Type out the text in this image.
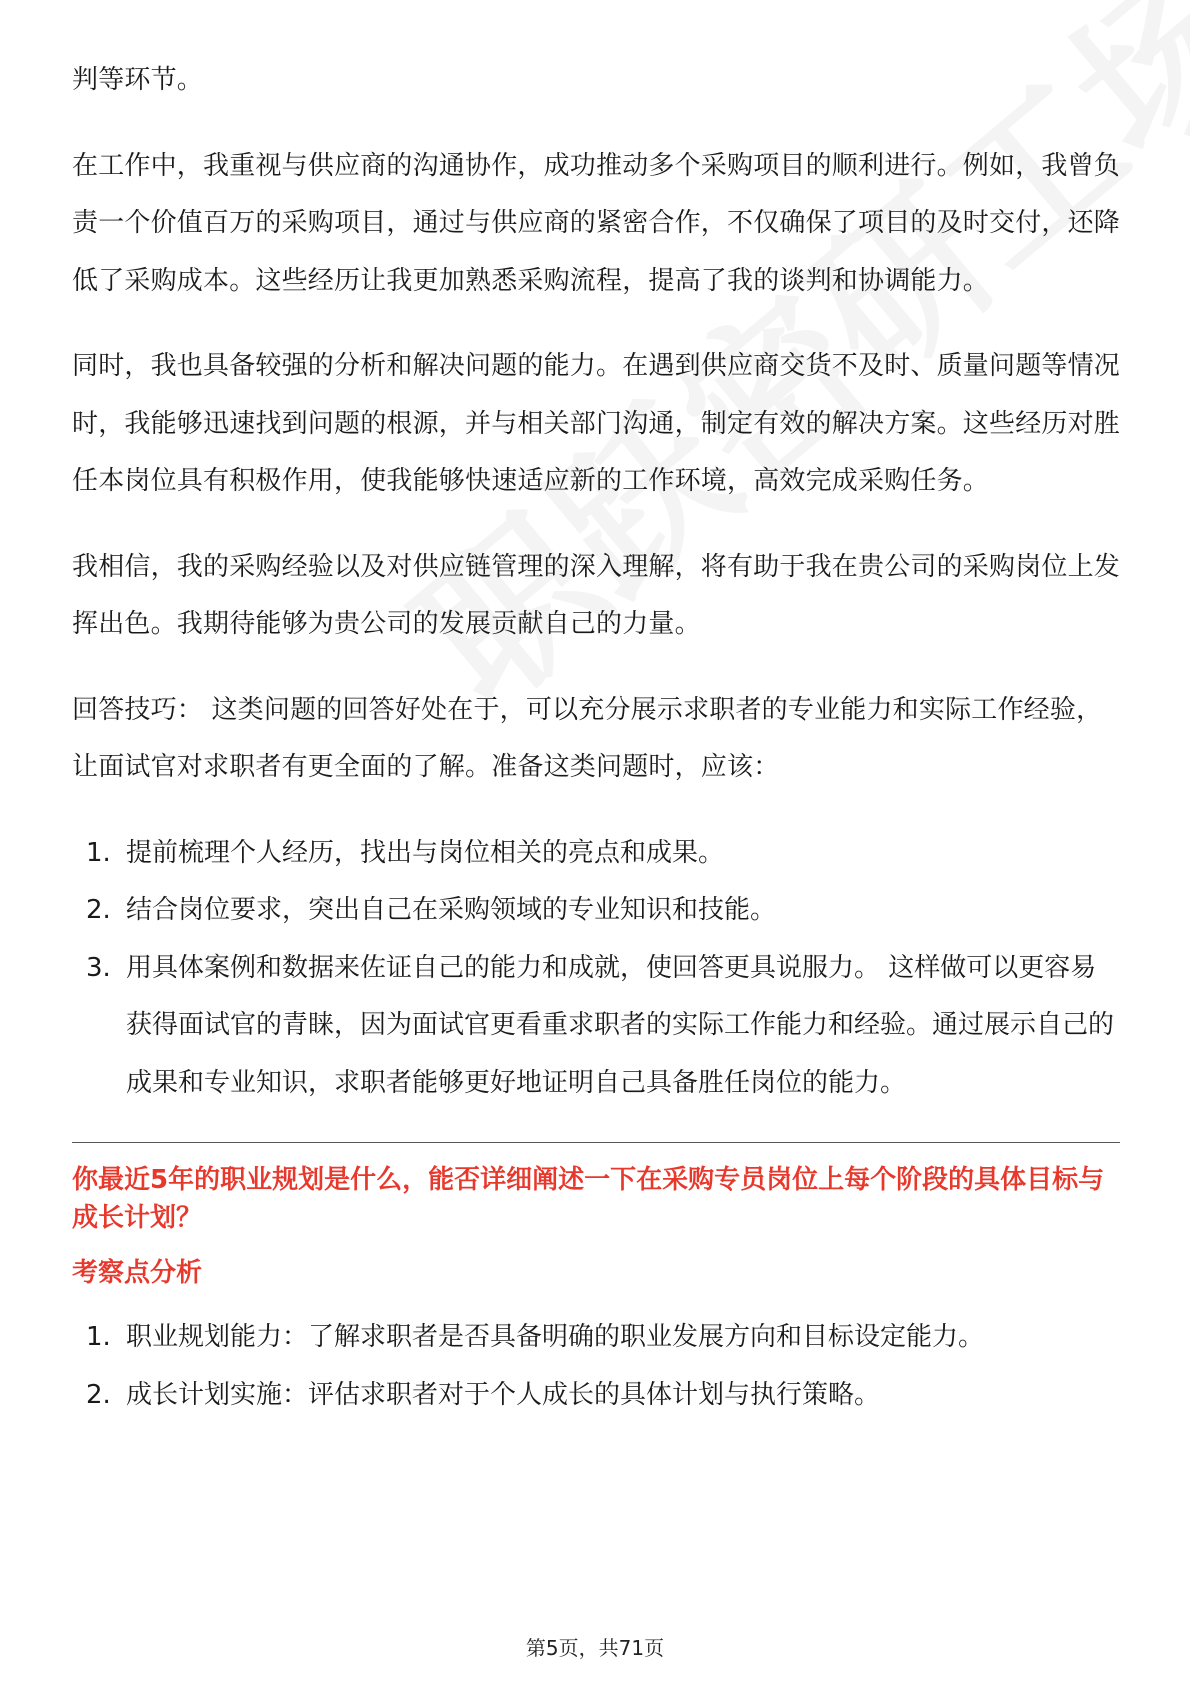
判等环节。

在工作中，我重视与供应商的沟通协作，成功推动多个采购项目的顺利进行。例如，我曾负责一个价值百万的采购项目，通过与供应商的紧密合作，不仅确保了项目的及时交付，还降低了采购成本。这些经历让我更加熟悉采购流程，提高了我的谈判和协调能力。

同时，我也具备较强的分析和解决问题的能力。在遇到供应商交货不及时、质量问题等情况时，我能够迅速找到问题的根源，并与相关部门沟通，制定有效的解决方案。这些经历对胜任本岗位具有积极作用，使我能够快速适应新的工作环境，高效完成采购任务。

我相信，我的采购经验以及对供应链管理的深入理解，将有助于我在贵公司的采购岗位上发挥出色。我期待能够为贵公司的发展贡献自己的力量。

回答技巧： 这类问题的回答好处在于，可以充分展示求职者的专业能力和实际工作经验，让面试官对求职者有更全面的了解。准备这类问题时，应该：

1. 提前梳理个人经历，找出与岗位相关的亮点和成果。
2. 结合岗位要求，突出自己在采购领域的专业知识和技能。
3. 用具体案例和数据来佐证自己的能力和成就，使回答更具说服力。 这样做可以更容易获得面试官的青睐，因为面试官更看重求职者的实际工作能力和经验。通过展示自己的成果和专业知识，求职者能够更好地证明自己具备胜任岗位的能力。
你最近5年的职业规划是什么，能否详细阐述一下在采购专员岗位上每个阶段的具体目标与成长计划？
考察点分析
1. 职业规划能力：了解求职者是否具备明确的职业发展方向和目标设定能力。
2. 成长计划实施：评估求职者对于个人成长的具体计划与执行策略。
第5页，共71页
